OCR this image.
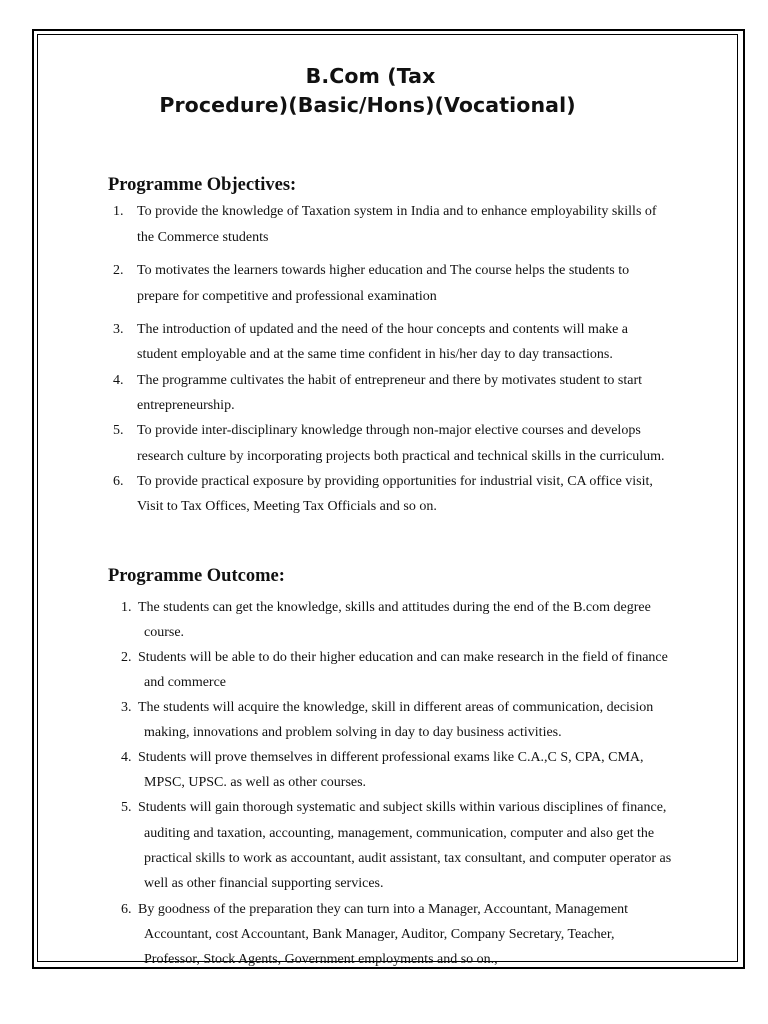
B.Com (Tax
Procedure)(Basic/Hons)(Vocational)
Programme Objectives:
1. To provide the knowledge of Taxation system in India and to enhance employability skills of
the Commerce students
2. To motivates the learners towards higher education and The course helps the students to
prepare for competitive and professional examination
3. The introduction of updated and the need of the hour concepts and contents will make a
student employable and at the same time confident in his/her day to day transactions.
4. The programme cultivates the habit of entrepreneur and there by motivates student to start
entrepreneurship.
5. To provide inter-disciplinary knowledge through non-major elective courses and develops
research culture by incorporating projects both practical and technical skills in the curriculum.
6. To provide practical exposure by providing opportunities for industrial visit, CA office visit,
Visit to Tax Offices, Meeting Tax Officials and so on.
Programme Outcome:
1. The students can get the knowledge, skills and attitudes during the end of the B.com degree
course.
2. Students will be able to do their higher education and can make research in the field of finance
and commerce
3. The students will acquire the knowledge, skill in different areas of communication, decision
making, innovations and problem solving in day to day business activities.
4. Students will prove themselves in different professional exams like C.A.,C S, CPA, CMA,
MPSC, UPSC. as well as other courses.
5. Students will gain thorough systematic and subject skills within various disciplines of finance,
auditing and taxation, accounting, management, communication, computer and also get the
practical skills to work as accountant, audit assistant, tax consultant, and computer operator as
well as other financial supporting services.
6. By goodness of the preparation they can turn into a Manager, Accountant, Management
Accountant, cost Accountant, Bank Manager, Auditor, Company Secretary, Teacher,
Professor, Stock Agents, Government employments and so on.,
